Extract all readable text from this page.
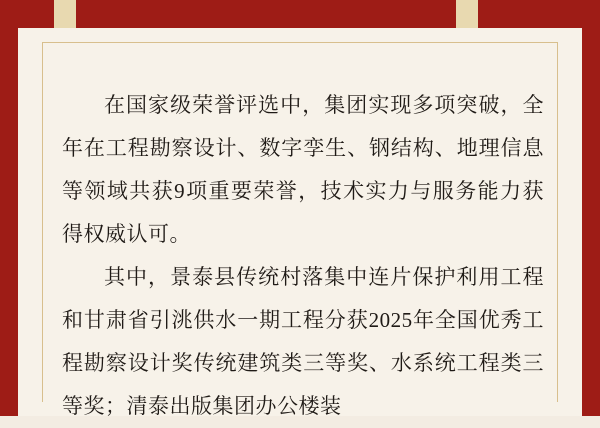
在国家级荣誉评选中，集团实现多项突破，全年在工程勘察设计、数字孪生、钢结构、地理信息等领域共获9项重要荣誉，技术实力与服务能力获得权威认可。

其中，景泰县传统村落集中连片保护利用工程和甘肃省引洮供水一期工程分获2025年全国优秀工程勘察设计奖传统建筑类三等奖、水系统工程类三等奖；清泰出版集团办公楼装
